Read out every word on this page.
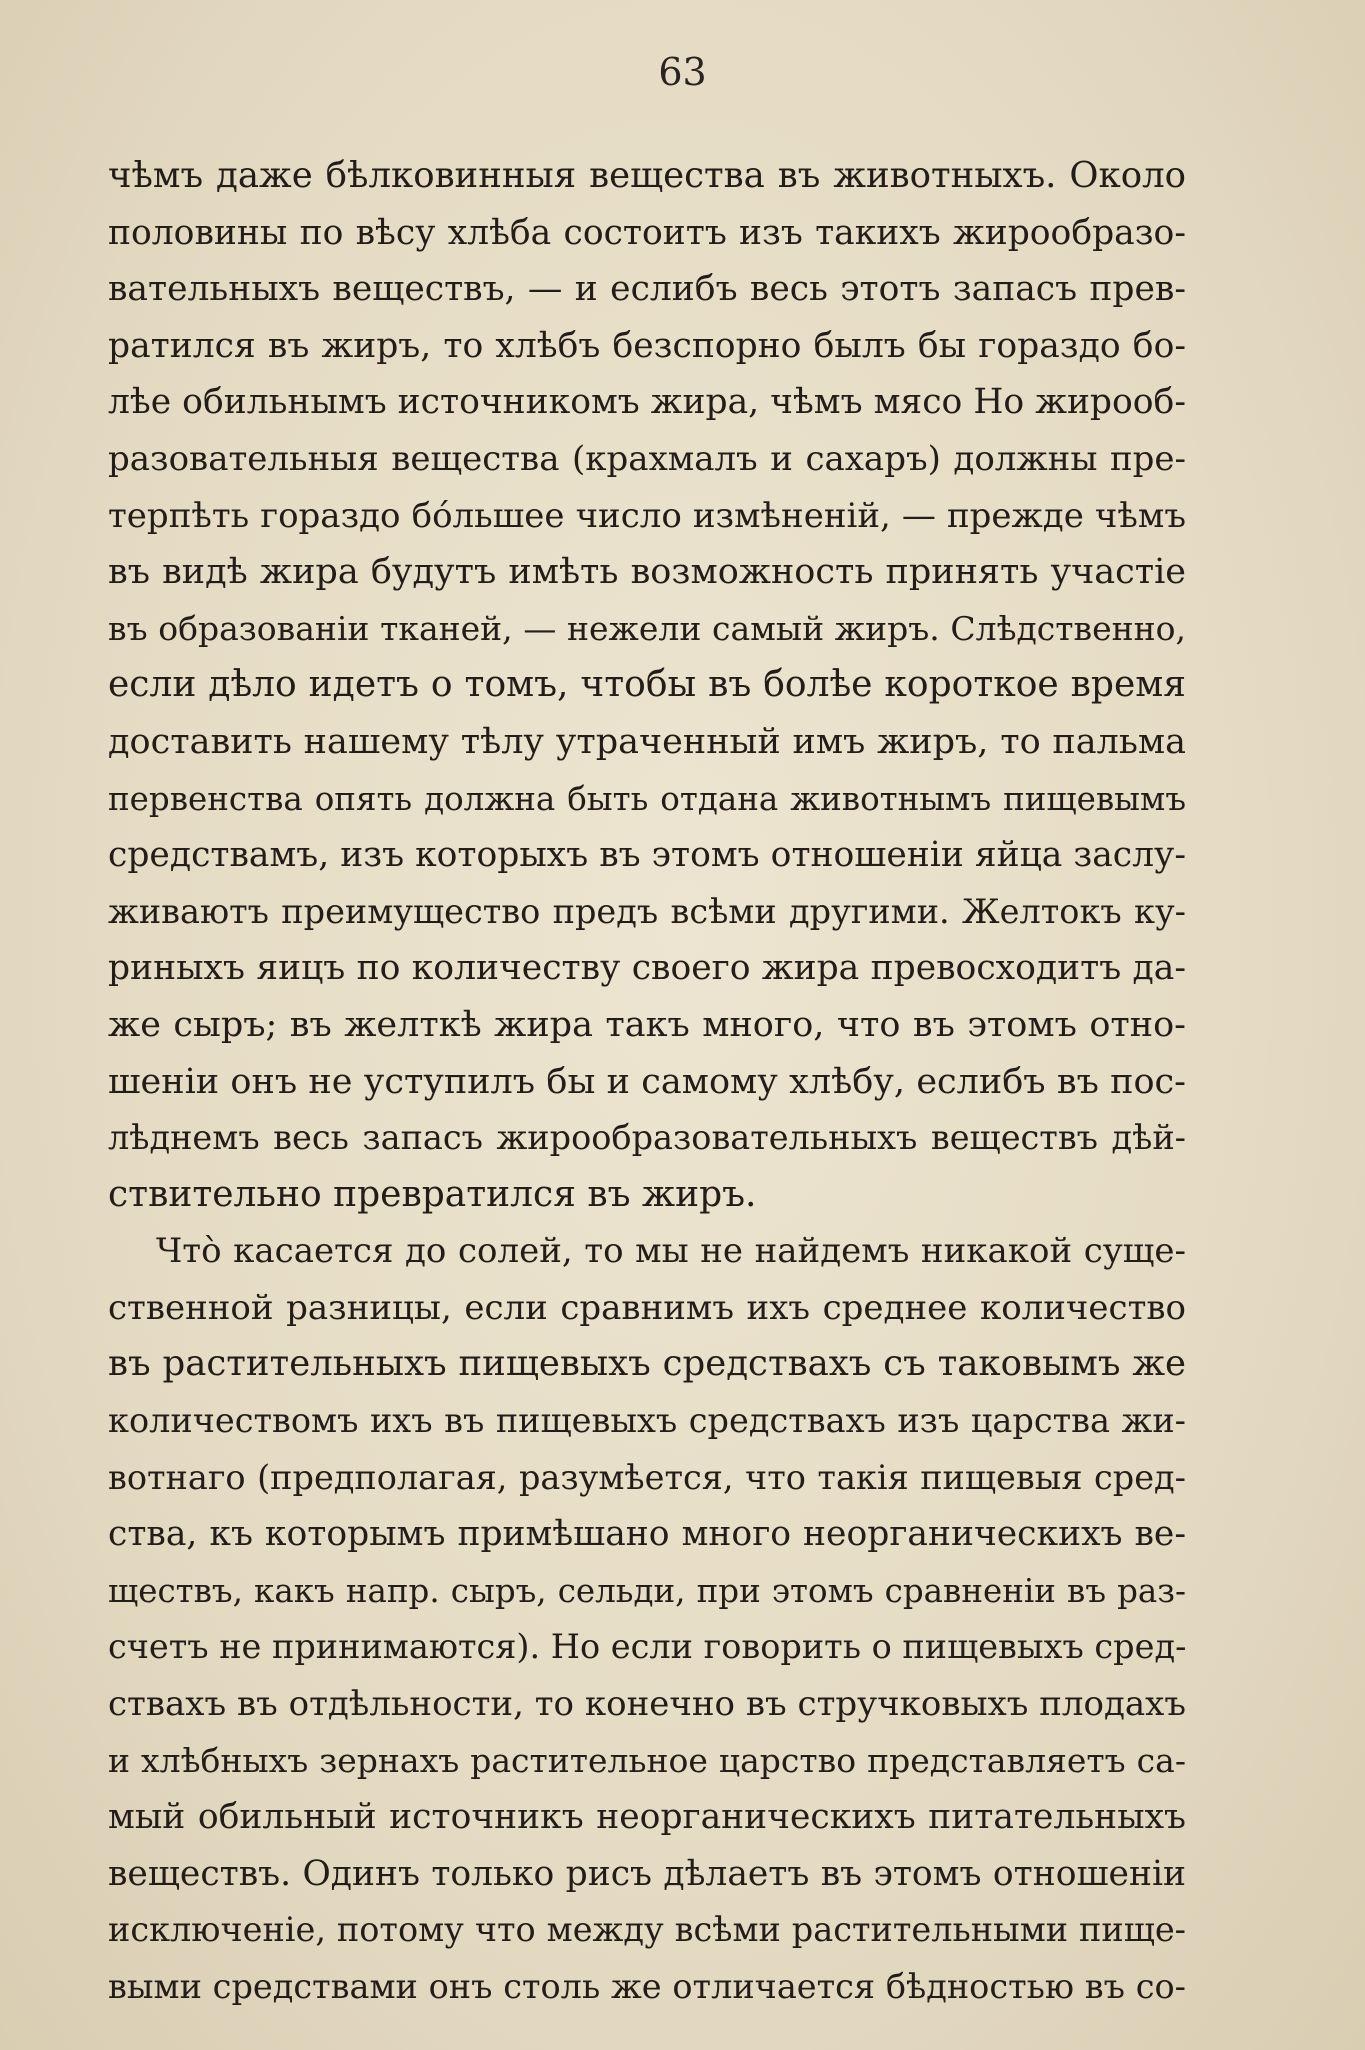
63
чѣмъ даже бѣлковинныя вещества въ животныхъ. Около
половины по вѣсу хлѣба состоитъ изъ такихъ жирообразо-
вательныхъ веществъ, — и еслибъ весь этотъ запасъ прев-
ратился въ жиръ, то хлѣбъ безспорно былъ бы гораздо бо-
лѣе обильнымъ источникомъ жира, чѣмъ мясо Но жирооб-
разовательныя вещества (крахмалъ и сахаръ) должны пре-
терпѣть гораздо бóльшее число измѣненій, — прежде чѣмъ
въ видѣ жира будутъ имѣть возможность принять участіе
въ образованіи тканей, — нежели самый жиръ. Слѣдственно,
если дѣло идетъ о томъ, чтобы въ болѣе короткое время
доставить нашему тѣлу утраченный имъ жиръ, то пальма
первенства опять должна быть отдана животнымъ пищевымъ
средствамъ, изъ которыхъ въ этомъ отношеніи яйца заслу-
живаютъ преимущество предъ всѣми другими. Желтокъ ку-
риныхъ яицъ по количеству своего жира превосходитъ да-
же сыръ; въ желткѣ жира такъ много, что въ этомъ отно-
шеніи онъ не уступилъ бы и самому хлѣбу, еслибъ въ пос-
лѣднемъ весь запасъ жирообразовательныхъ веществъ дѣй-
ствительно превратился въ жиръ.
Чтò касается до солей, то мы не найдемъ никакой суще-
ственной разницы, если сравнимъ ихъ среднее количество
въ растительныхъ пищевыхъ средствахъ съ таковымъ же
количествомъ ихъ въ пищевыхъ средствахъ изъ царства жи-
вотнаго (предполагая, разумѣется, что такія пищевыя сред-
ства, къ которымъ примѣшано много неорганическихъ ве-
ществъ, какъ напр. сыръ, сельди, при этомъ сравненіи въ раз-
счетъ не принимаются). Но если говорить о пищевыхъ сред-
ствахъ въ отдѣльности, то конечно въ стручковыхъ плодахъ
и хлѣбныхъ зернахъ растительное царство представляетъ са-
мый обильный источникъ неорганическихъ питательныхъ
веществъ. Одинъ только рисъ дѣлаетъ въ этомъ отношеніи
исключеніе, потому что между всѣми растительными пище-
выми средствами онъ столь же отличается бѣдностью въ со-
